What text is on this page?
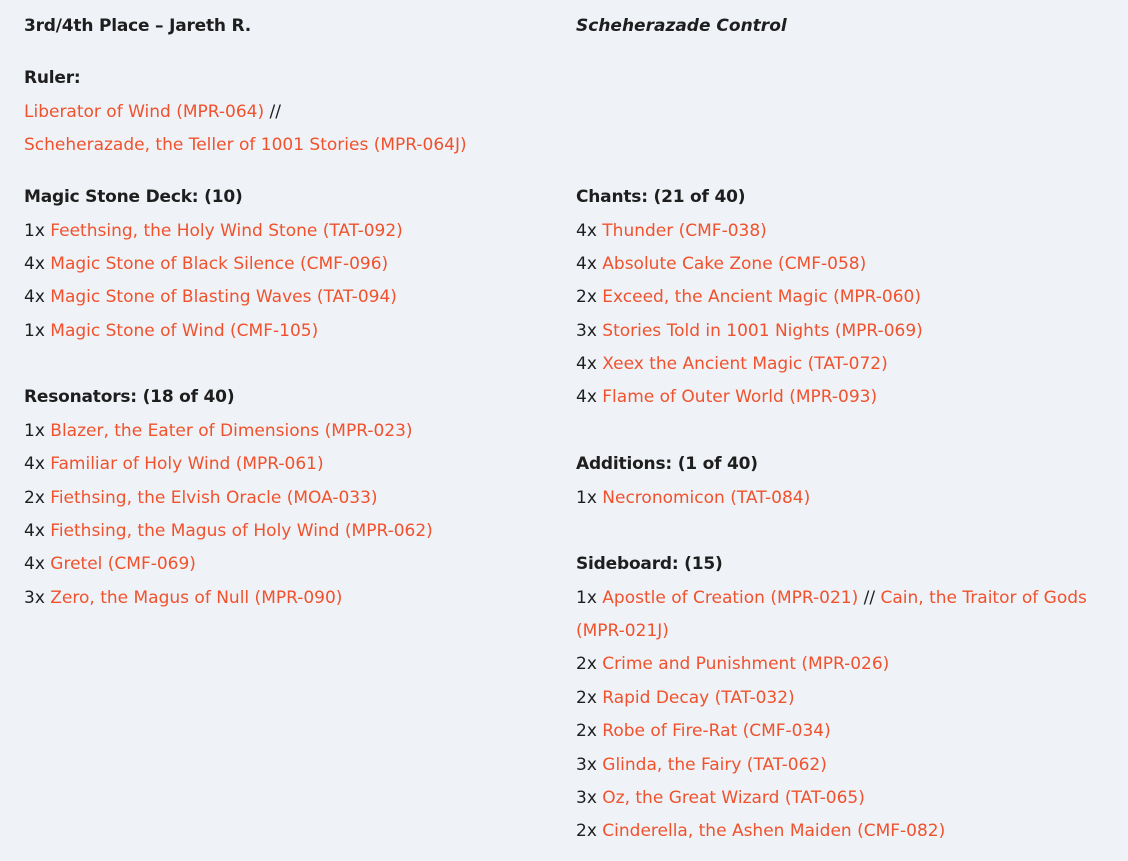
3rd/4th Place – Jareth R.
Ruler:
Liberator of Wind (MPR-064) //
Scheherazade, the Teller of 1001 Stories (MPR-064J)
Magic Stone Deck: (10)
1x Feethsing, the Holy Wind Stone (TAT-092)
4x Magic Stone of Black Silence (CMF-096)
4x Magic Stone of Blasting Waves (TAT-094)
1x Magic Stone of Wind (CMF-105)
Resonators: (18 of 40)
1x Blazer, the Eater of Dimensions (MPR-023)
4x Familiar of Holy Wind (MPR-061)
2x Fiethsing, the Elvish Oracle (MOA-033)
4x Fiethsing, the Magus of Holy Wind (MPR-062)
4x Gretel (CMF-069)
3x Zero, the Magus of Null (MPR-090)
Scheherazade Control
Chants: (21 of 40)
4x Thunder (CMF-038)
4x Absolute Cake Zone (CMF-058)
2x Exceed, the Ancient Magic (MPR-060)
3x Stories Told in 1001 Nights (MPR-069)
4x Xeex the Ancient Magic (TAT-072)
4x Flame of Outer World (MPR-093)
Additions: (1 of 40)
1x Necronomicon (TAT-084)
Sideboard: (15)
1x Apostle of Creation (MPR-021) // Cain, the Traitor of Gods
(MPR-021J)
2x Crime and Punishment (MPR-026)
2x Rapid Decay (TAT-032)
2x Robe of Fire-Rat (CMF-034)
3x Glinda, the Fairy (TAT-062)
3x Oz, the Great Wizard (TAT-065)
2x Cinderella, the Ashen Maiden (CMF-082)
